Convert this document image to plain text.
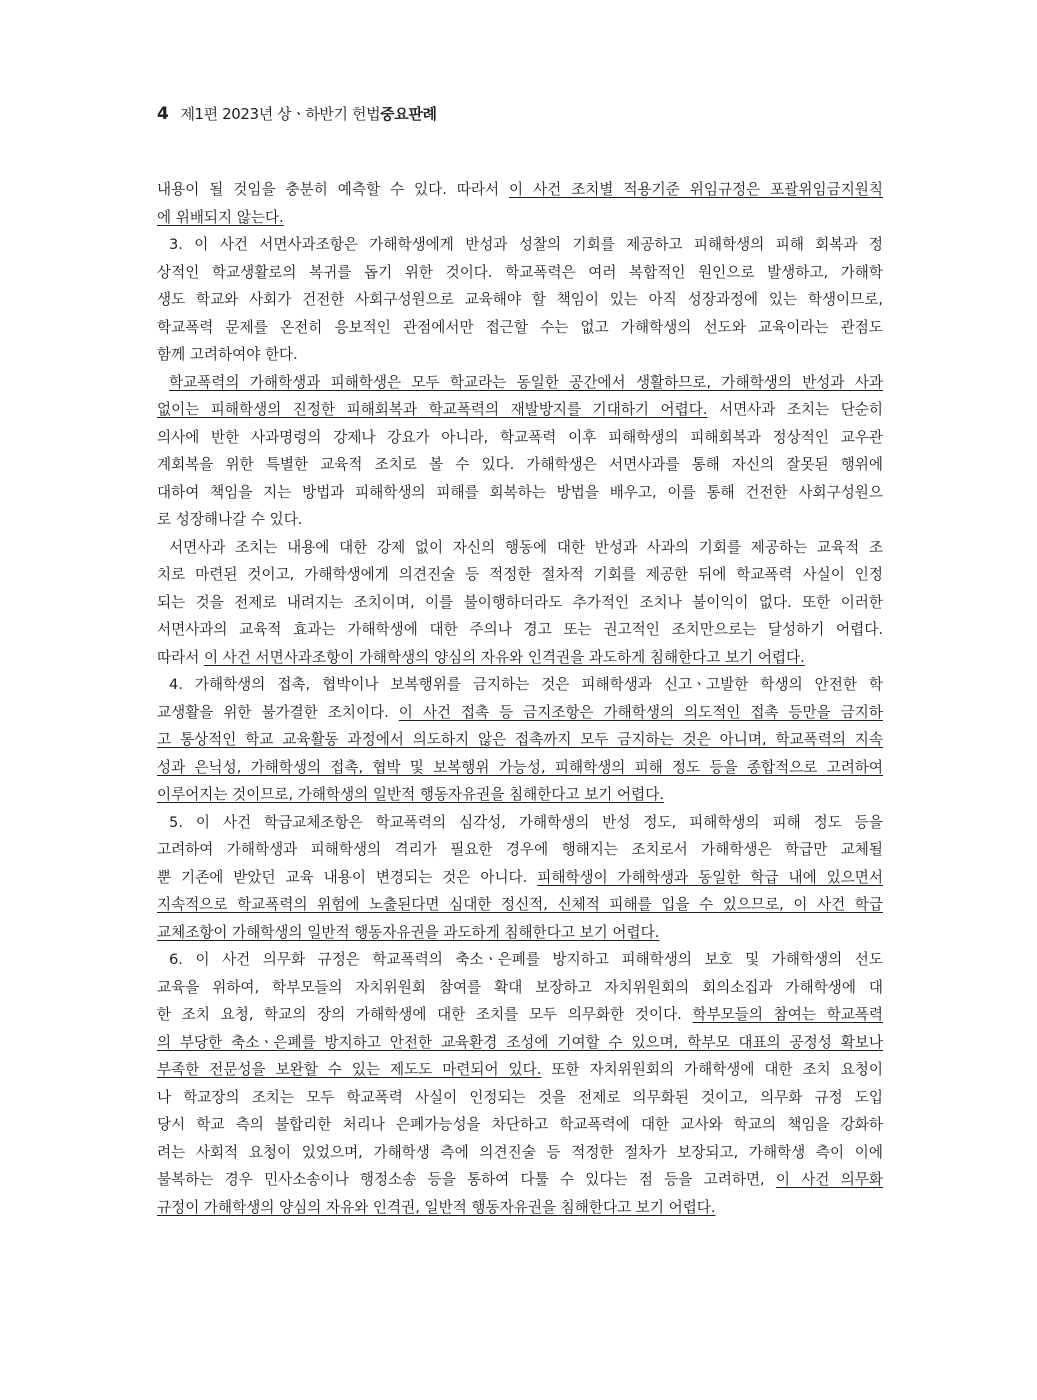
4 제1편 2023년 상ㆍ하반기 헌법중요판례
내용이 될 것임을 충분히 예측할 수 있다. 따라서 이 사건 조치별 적용기준 위임규정은 포괄위임금지원칙
에 위배되지 않는다.
3. 이 사건 서면사과조항은 가해학생에게 반성과 성찰의 기회를 제공하고 피해학생의 피해 회복과 정
상적인 학교생활로의 복귀를 돕기 위한 것이다. 학교폭력은 여러 복합적인 원인으로 발생하고, 가해학
생도 학교와 사회가 건전한 사회구성원으로 교육해야 할 책임이 있는 아직 성장과정에 있는 학생이므로,
학교폭력 문제를 온전히 응보적인 관점에서만 접근할 수는 없고 가해학생의 선도와 교육이라는 관점도
함께 고려하여야 한다.
학교폭력의 가해학생과 피해학생은 모두 학교라는 동일한 공간에서 생활하므로, 가해학생의 반성과 사과
없이는 피해학생의 진정한 피해회복과 학교폭력의 재발방지를 기대하기 어렵다. 서면사과 조치는 단순히
의사에 반한 사과명령의 강제나 강요가 아니라, 학교폭력 이후 피해학생의 피해회복과 정상적인 교우관
계회복을 위한 특별한 교육적 조치로 볼 수 있다. 가해학생은 서면사과를 통해 자신의 잘못된 행위에
대하여 책임을 지는 방법과 피해학생의 피해를 회복하는 방법을 배우고, 이를 통해 건전한 사회구성원으
로 성장해나갈 수 있다.
서면사과 조치는 내용에 대한 강제 없이 자신의 행동에 대한 반성과 사과의 기회를 제공하는 교육적 조
치로 마련된 것이고, 가해학생에게 의견진술 등 적정한 절차적 기회를 제공한 뒤에 학교폭력 사실이 인정
되는 것을 전제로 내려지는 조치이며, 이를 불이행하더라도 추가적인 조치나 불이익이 없다. 또한 이러한
서면사과의 교육적 효과는 가해학생에 대한 주의나 경고 또는 권고적인 조치만으로는 달성하기 어렵다.
따라서 이 사건 서면사과조항이 가해학생의 양심의 자유와 인격권을 과도하게 침해한다고 보기 어렵다.
4. 가해학생의 접촉, 협박이나 보복행위를 금지하는 것은 피해학생과 신고ㆍ고발한 학생의 안전한 학
교생활을 위한 불가결한 조치이다. 이 사건 접촉 등 금지조항은 가해학생의 의도적인 접촉 등만을 금지하
고 통상적인 학교 교육활동 과정에서 의도하지 않은 접촉까지 모두 금지하는 것은 아니며, 학교폭력의 지속
성과 은닉성, 가해학생의 접촉, 협박 및 보복행위 가능성, 피해학생의 피해 정도 등을 종합적으로 고려하여
이루어지는 것이므로, 가해학생의 일반적 행동자유권을 침해한다고 보기 어렵다.
5. 이 사건 학급교체조항은 학교폭력의 심각성, 가해학생의 반성 정도, 피해학생의 피해 정도 등을
고려하여 가해학생과 피해학생의 격리가 필요한 경우에 행해지는 조치로서 가해학생은 학급만 교체될
뿐 기존에 받았던 교육 내용이 변경되는 것은 아니다. 피해학생이 가해학생과 동일한 학급 내에 있으면서
지속적으로 학교폭력의 위험에 노출된다면 심대한 정신적, 신체적 피해를 입을 수 있으므로, 이 사건 학급
교체조항이 가해학생의 일반적 행동자유권을 과도하게 침해한다고 보기 어렵다.
6. 이 사건 의무화 규정은 학교폭력의 축소ㆍ은폐를 방지하고 피해학생의 보호 및 가해학생의 선도
교육을 위하여, 학부모들의 자치위원회 참여를 확대 보장하고 자치위원회의 회의소집과 가해학생에 대
한 조치 요청, 학교의 장의 가해학생에 대한 조치를 모두 의무화한 것이다. 학부모들의 참여는 학교폭력
의 부당한 축소ㆍ은폐를 방지하고 안전한 교육환경 조성에 기여할 수 있으며, 학부모 대표의 공정성 확보나
부족한 전문성을 보완할 수 있는 제도도 마련되어 있다. 또한 자치위원회의 가해학생에 대한 조치 요청이
나 학교장의 조치는 모두 학교폭력 사실이 인정되는 것을 전제로 의무화된 것이고, 의무화 규정 도입
당시 학교 측의 불합리한 처리나 은폐가능성을 차단하고 학교폭력에 대한 교사와 학교의 책임을 강화하
려는 사회적 요청이 있었으며, 가해학생 측에 의견진술 등 적정한 절차가 보장되고, 가해학생 측이 이에
불복하는 경우 민사소송이나 행정소송 등을 통하여 다툴 수 있다는 점 등을 고려하면, 이 사건 의무화
규정이 가해학생의 양심의 자유와 인격권, 일반적 행동자유권을 침해한다고 보기 어렵다.
